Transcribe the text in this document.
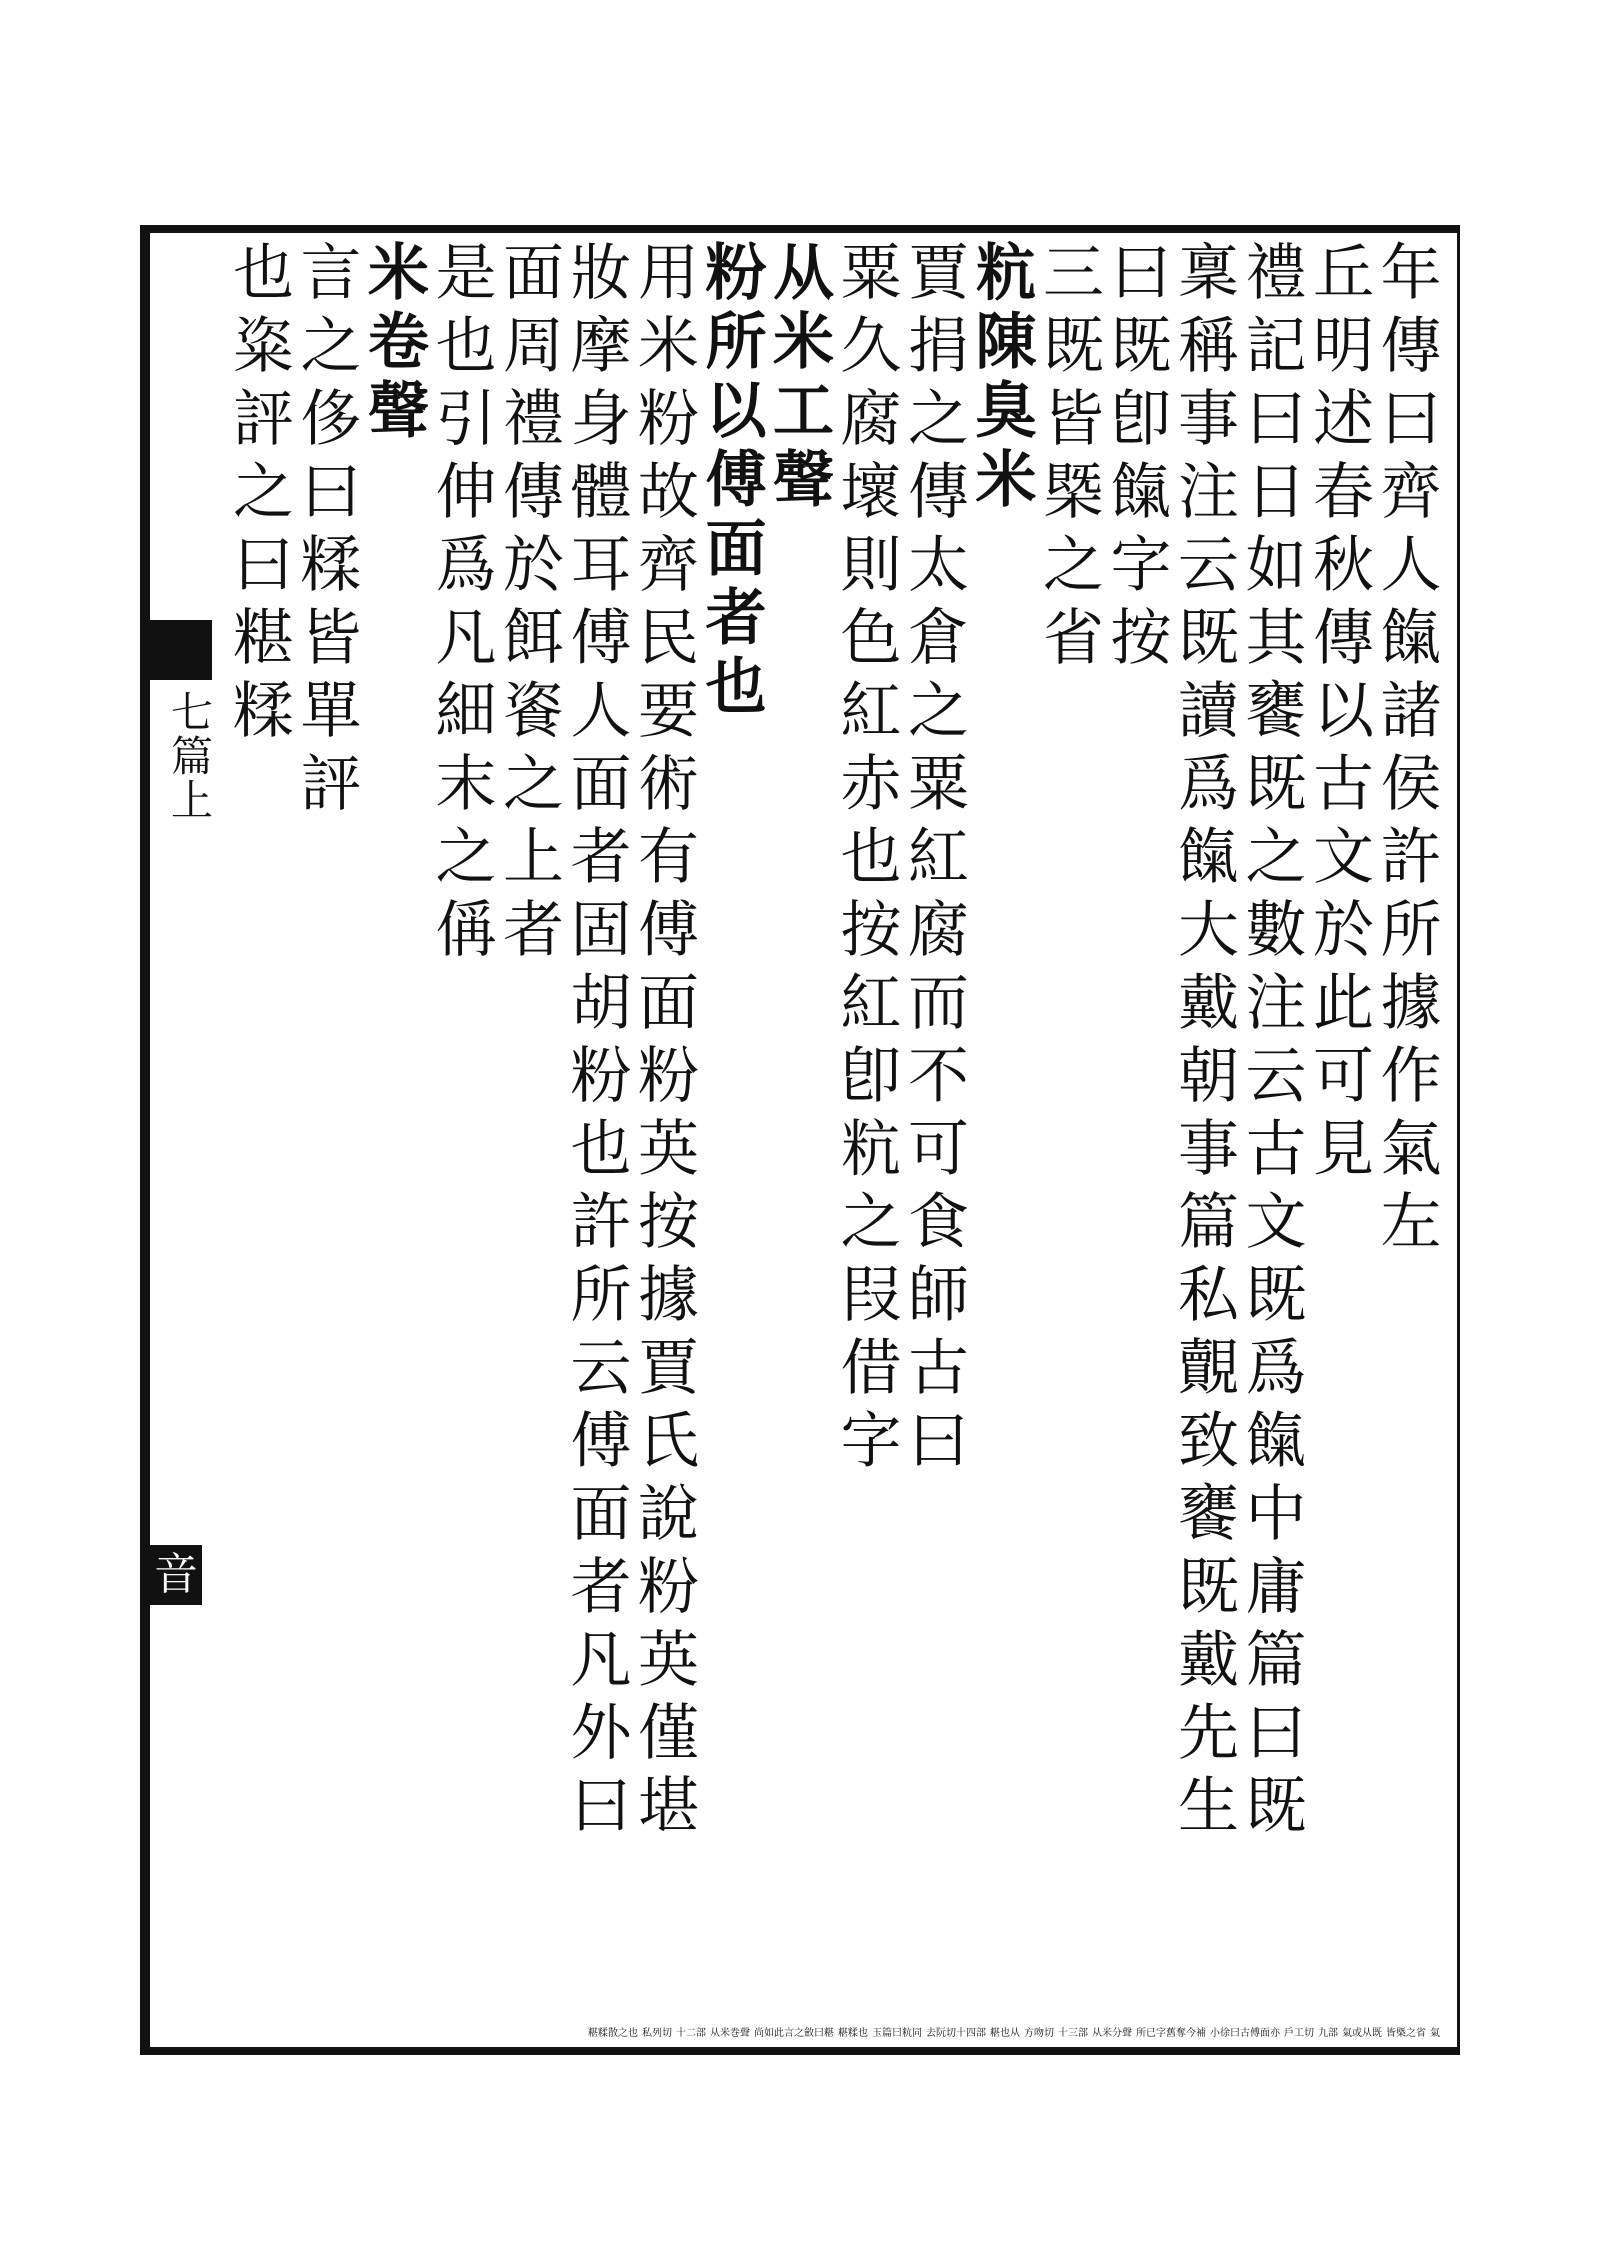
七篇上
音
年傳曰齊人餼諸侯許所據作氣左
丘明述春秋傳以古文於此可見
禮記曰日如其饔既之數注云古文既爲餼中庸篇曰既
稟稱事注云既讀爲餼大戴朝事篇私覿致饔既戴先生
曰既卽餼字按
三既皆槩之省
粇陳臭米
賈捐之傳太倉之粟紅腐而不可食師古曰
粟久腐壞則色紅赤也按紅卽粇之叚借字
从米工聲
粉所以傅面者也
用米粉故齊民要術有傅面粉英按據賈氏說粉英僅堪
妝摩身體耳傅人面者固胡粉也許所云傅面者凡外曰
面周禮傳於餌餈之上者
是也引伸爲凡細末之偁
米卷聲
言之侈曰糅皆單評
也粢評之曰糂糅
氣
皆槩之省
氣或从既
九部
戶工切
小徐曰古傅面亦
所已字舊奪今補
从米分聲
十三部
方吻切
糂也从
去阮切十四部
玉篇曰粇同
糂糅也
尚如此言之斂曰糂
从米巻聲
十二部
私列切
糂糅散之也
